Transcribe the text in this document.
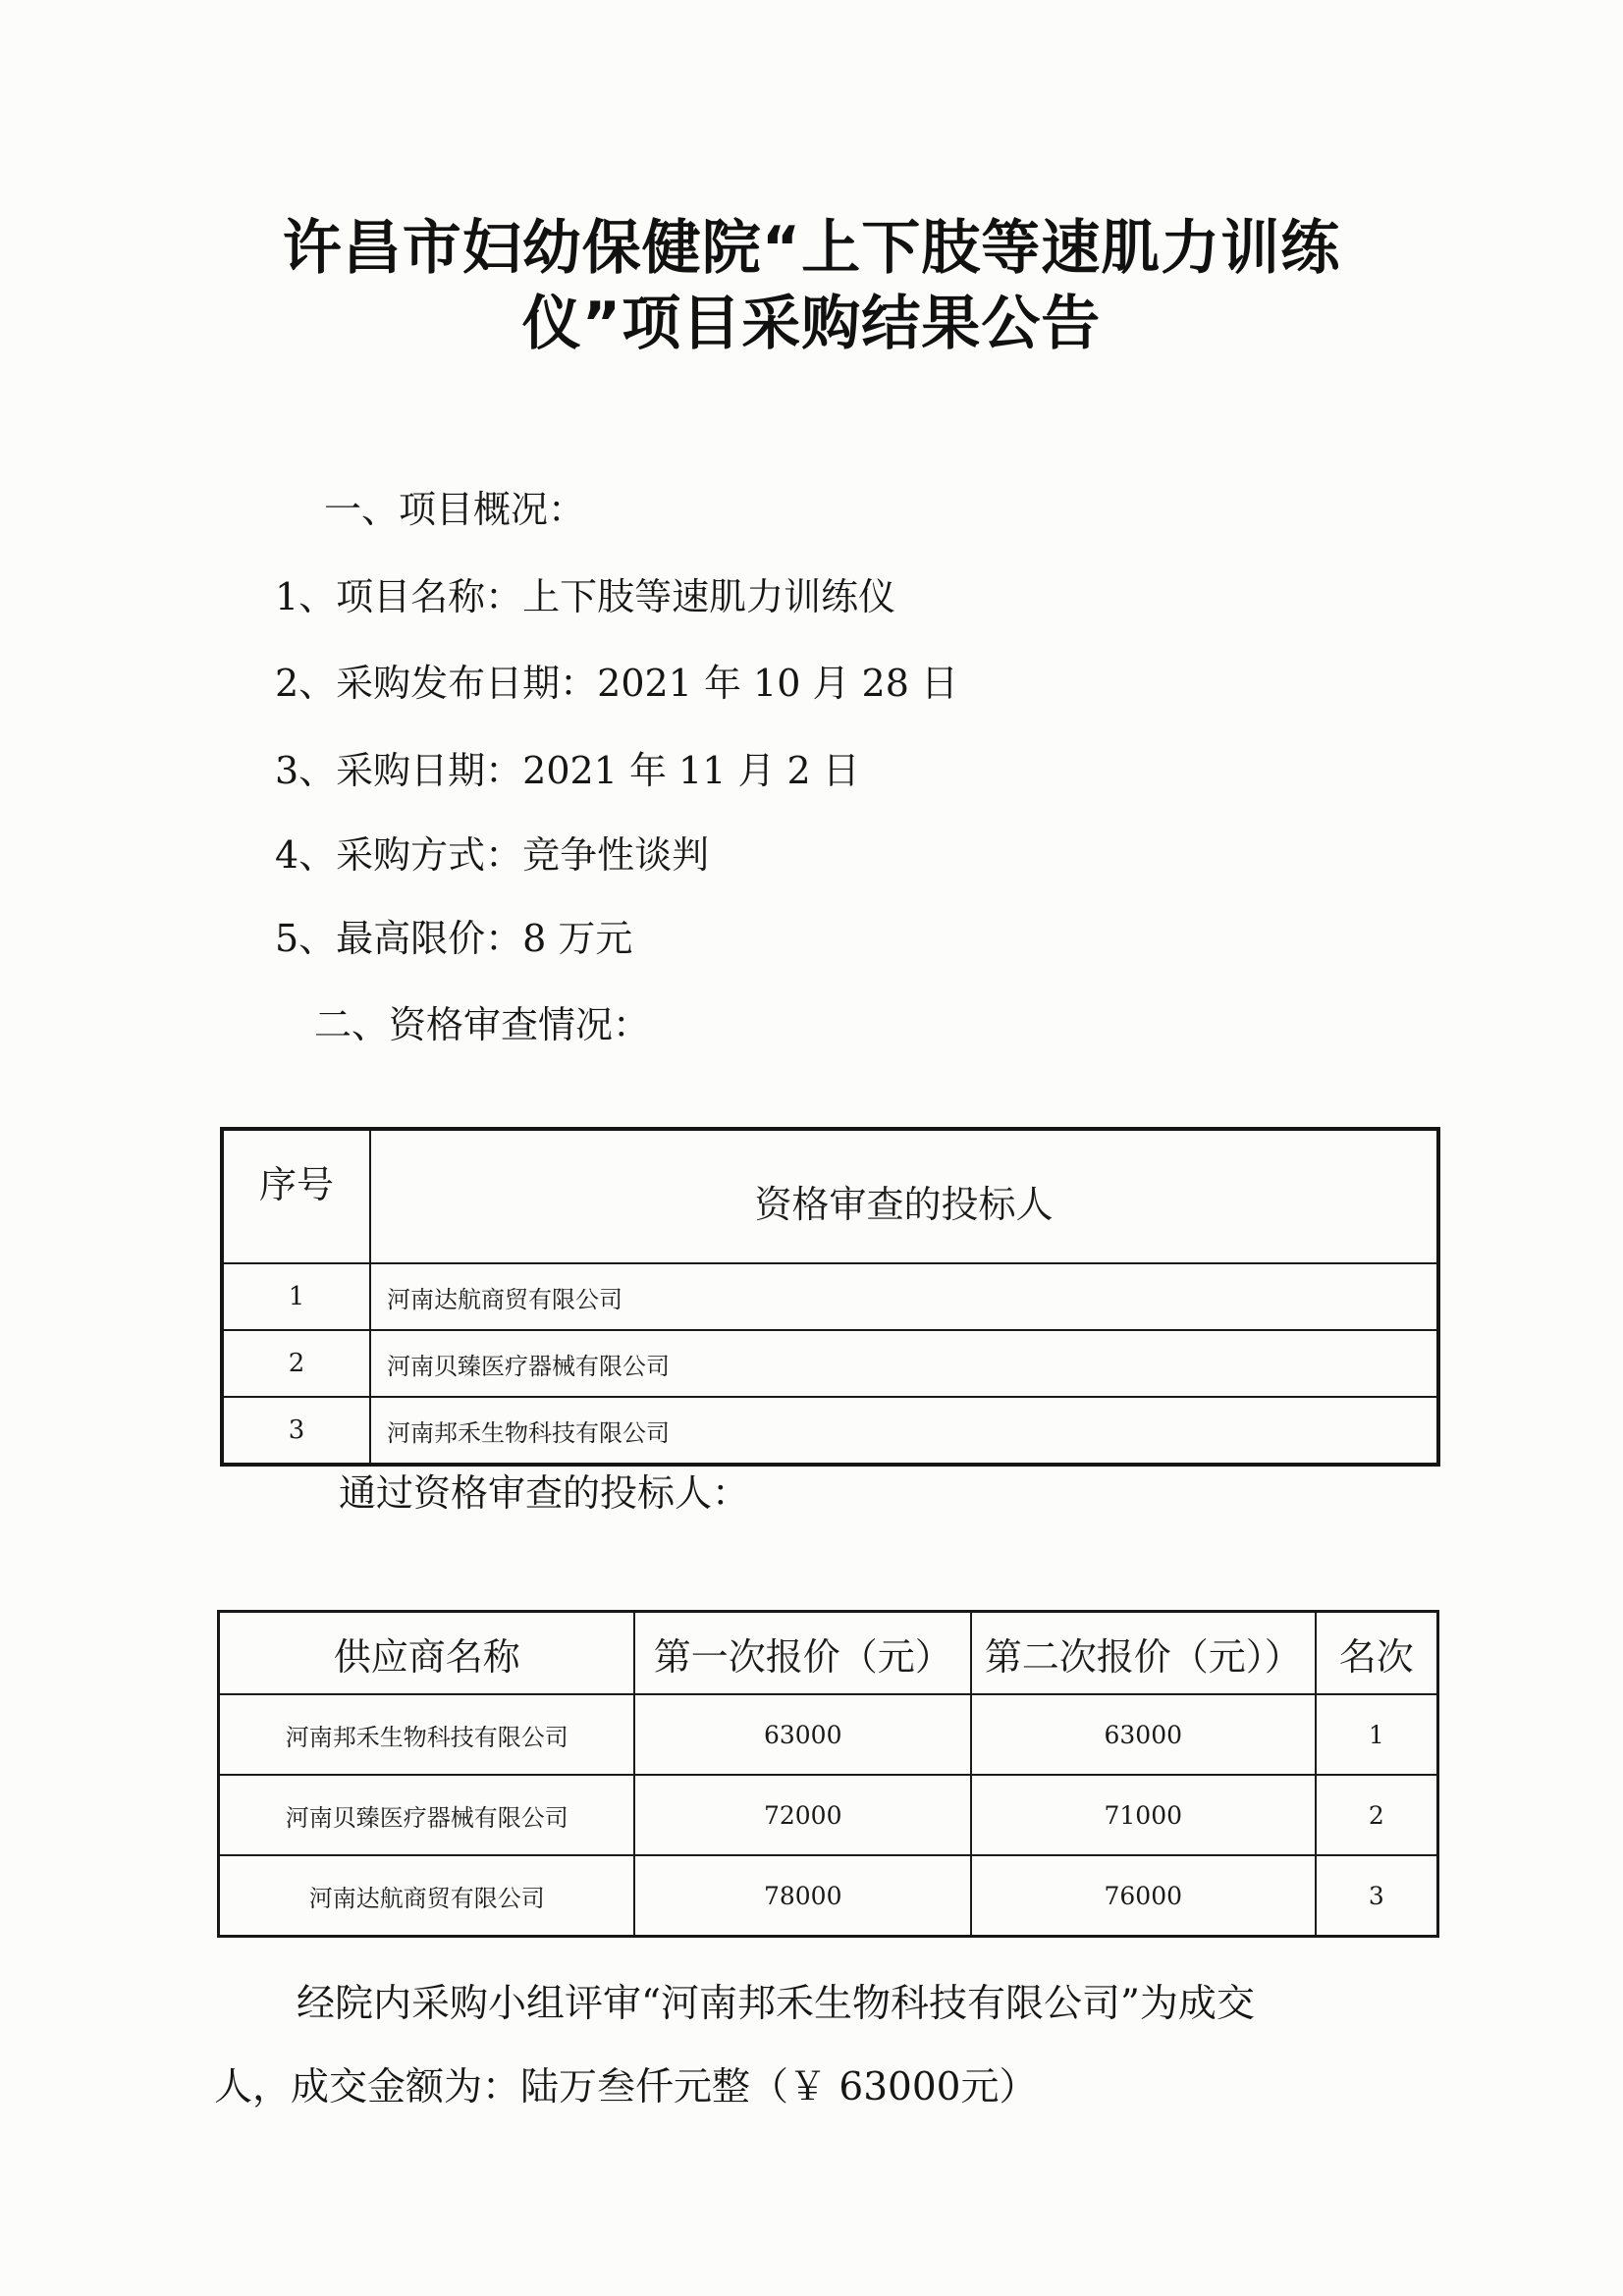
许昌市妇幼保健院“上下肢等速肌力训练
仪”项目采购结果公告
一、项目概况：
1、项目名称：上下肢等速肌力训练仪
2、采购发布日期：2021 年 10 月 28 日
3、采购日期：2021 年 11 月 2 日
4、采购方式：竞争性谈判
5、最高限价：8 万元
二、资格审查情况：
序号	资格审查的投标人
1	河南达航商贸有限公司
2	河南贝臻医疗器械有限公司
3	河南邦禾生物科技有限公司
通过资格审查的投标人：
供应商名称	第一次报价（元）	第二次报价（元））	名次
河南邦禾生物科技有限公司	63000	63000	1
河南贝臻医疗器械有限公司	72000	71000	2
河南达航商贸有限公司	78000	76000	3
经院内采购小组评审“河南邦禾生物科技有限公司”为成交
人，成交金额为：陆万叁仟元整（￥ 63000元）
